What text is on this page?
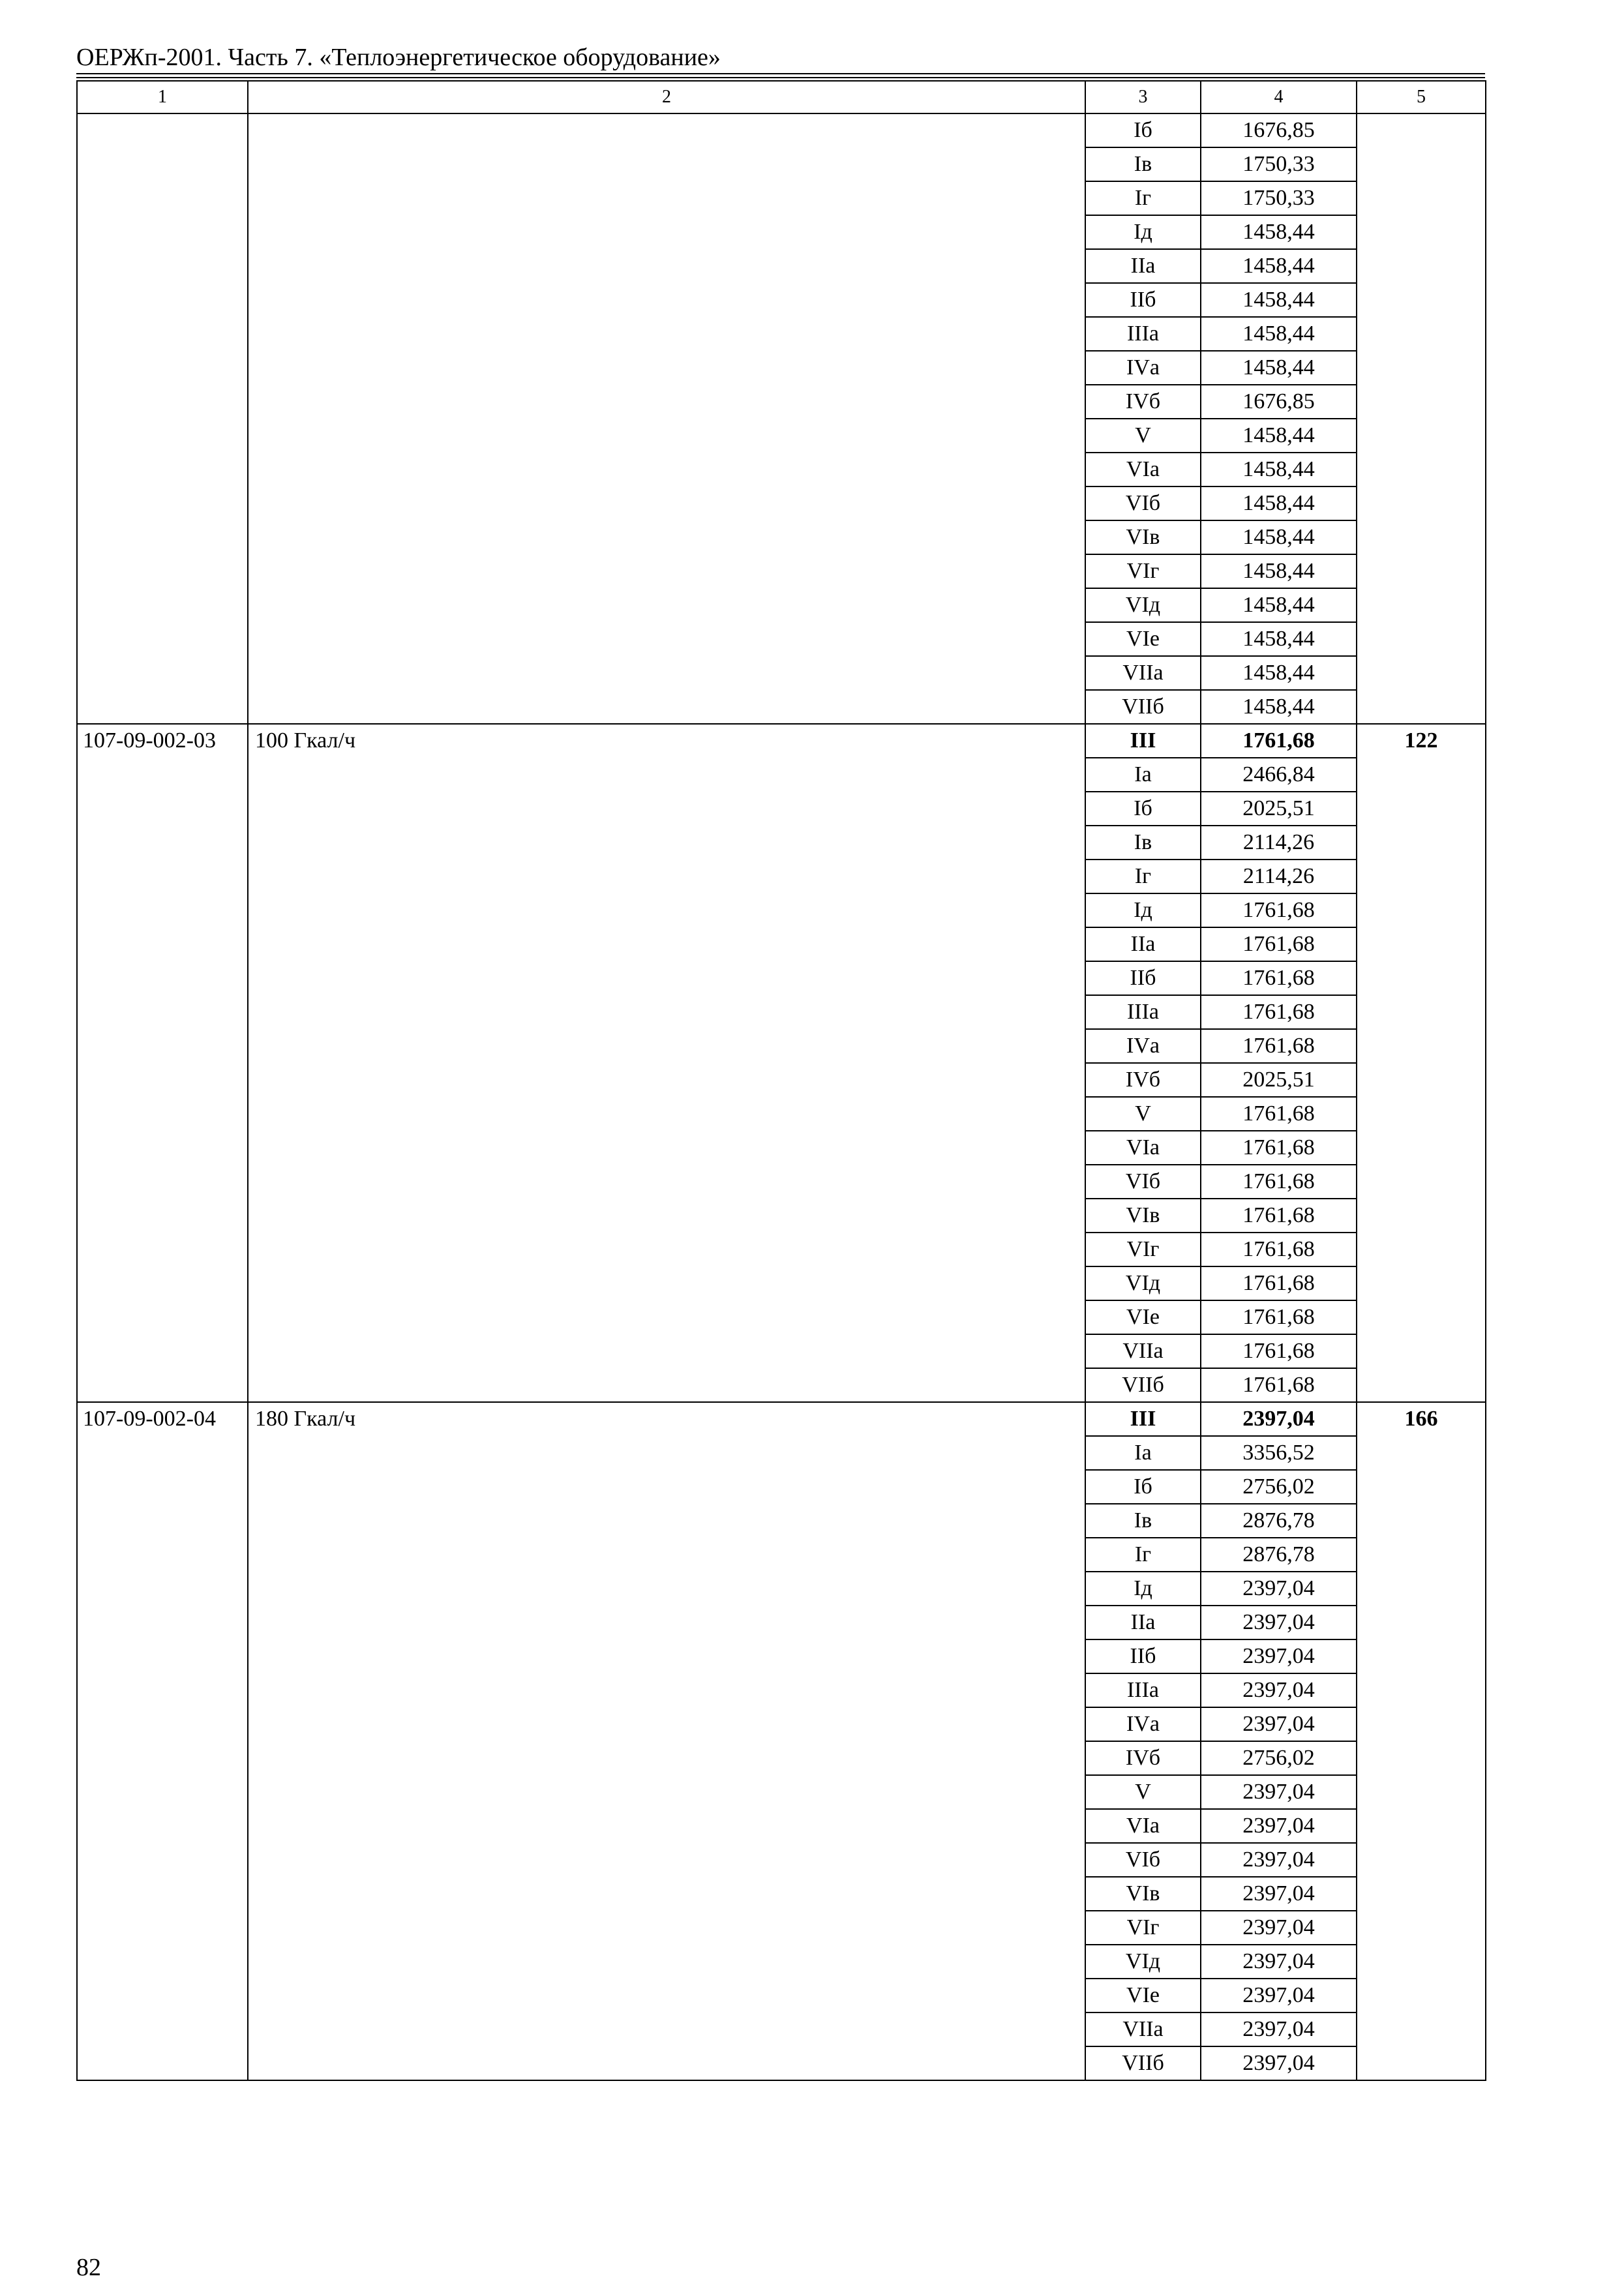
ОЕРЖп-2001. Часть 7. «Теплоэнергетическое оборудование»
1	2	3	4	5
		Iб	1676,85	
		Iв	1750,33	
		Iг	1750,33	
		Iд	1458,44	
		IIа	1458,44	
		IIб	1458,44	
		IIIа	1458,44	
		IVа	1458,44	
		IVб	1676,85	
		V	1458,44	
		VIа	1458,44	
		VIб	1458,44	
		VIв	1458,44	
		VIг	1458,44	
		VIд	1458,44	
		VIе	1458,44	
		VIIа	1458,44	
		VIIб	1458,44	
107-09-002-03	100 Гкал/ч	III	1761,68	122
		Iа	2466,84	
		Iб	2025,51	
		Iв	2114,26	
		Iг	2114,26	
		Iд	1761,68	
		IIа	1761,68	
		IIб	1761,68	
		IIIа	1761,68	
		IVа	1761,68	
		IVб	2025,51	
		V	1761,68	
		VIа	1761,68	
		VIб	1761,68	
		VIв	1761,68	
		VIг	1761,68	
		VIд	1761,68	
		VIе	1761,68	
		VIIа	1761,68	
		VIIб	1761,68	
107-09-002-04	180 Гкал/ч	III	2397,04	166
		Iа	3356,52	
		Iб	2756,02	
		Iв	2876,78	
		Iг	2876,78	
		Iд	2397,04	
		IIа	2397,04	
		IIб	2397,04	
		IIIа	2397,04	
		IVа	2397,04	
		IVб	2756,02	
		V	2397,04	
		VIа	2397,04	
		VIб	2397,04	
		VIв	2397,04	
		VIг	2397,04	
		VIд	2397,04	
		VIе	2397,04	
		VIIа	2397,04	
		VIIб	2397,04	
82
